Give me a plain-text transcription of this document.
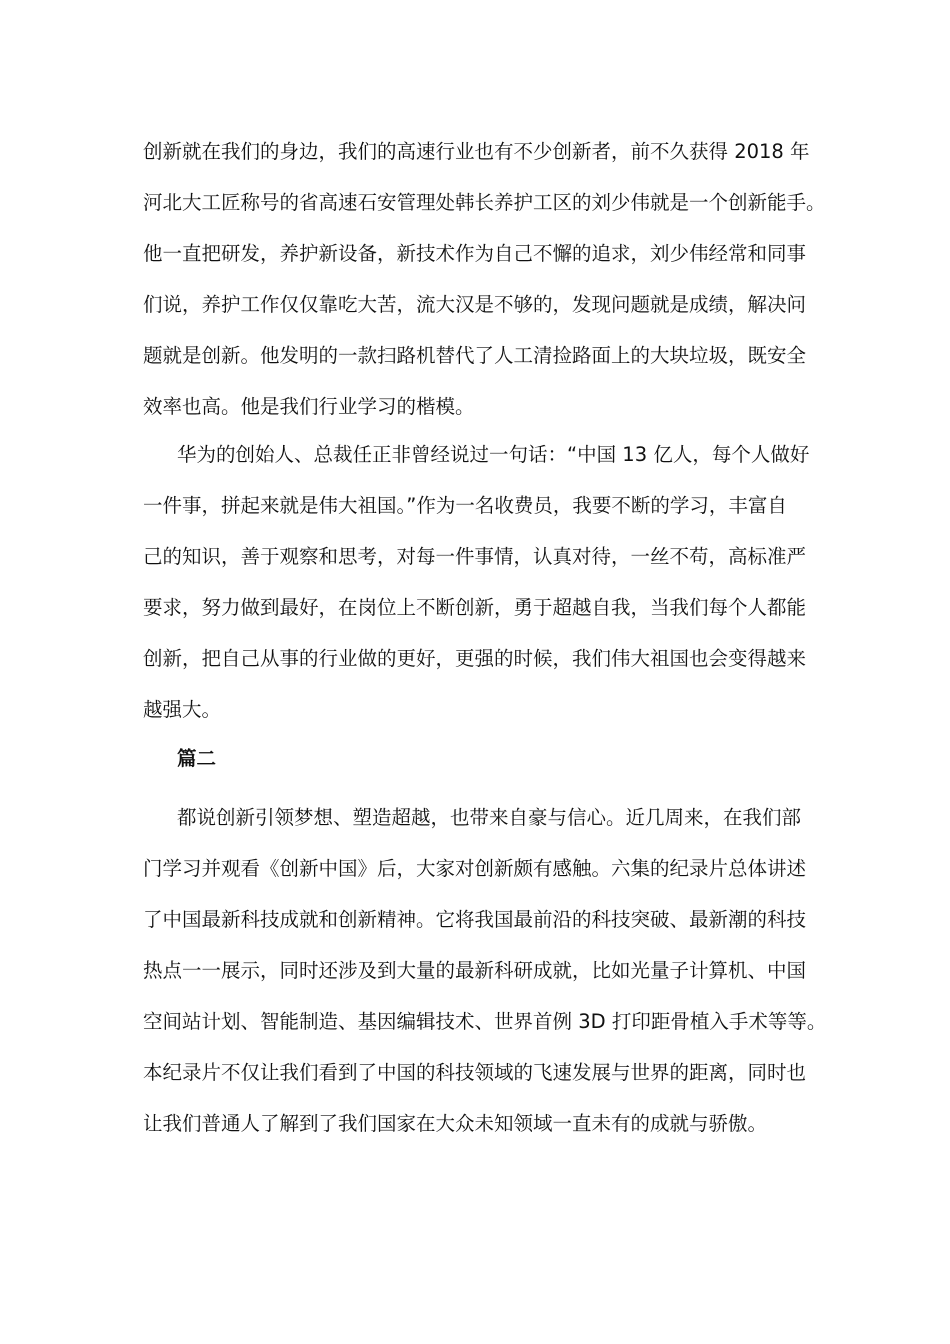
创新就在我们的身边，我们的高速行业也有不少创新者，前不久获得 2018 年
河北大工匠称号的省高速石安管理处韩长养护工区的刘少伟就是一个创新能手。
他一直把研发，养护新设备，新技术作为自己不懈的追求，刘少伟经常和同事
们说，养护工作仅仅靠吃大苦，流大汉是不够的，发现问题就是成绩，解决问
题就是创新。他发明的一款扫路机替代了人工清捡路面上的大块垃圾，既安全
效率也高。他是我们行业学习的楷模。
华为的创始人、总裁任正非曾经说过一句话：“中国 13 亿人，每个人做好
一件事，拼起来就是伟大祖国。”作为一名收费员，我要不断的学习，丰富自
己的知识，善于观察和思考，对每一件事情，认真对待，一丝不苟，高标准严
要求，努力做到最好，在岗位上不断创新，勇于超越自我，当我们每个人都能
创新，把自己从事的行业做的更好，更强的时候，我们伟大祖国也会变得越来
越强大。
篇二
都说创新引领梦想、塑造超越，也带来自豪与信心。近几周来，在我们部
门学习并观看《创新中国》后，大家对创新颇有感触。六集的纪录片总体讲述
了中国最新科技成就和创新精神。它将我国最前沿的科技突破、最新潮的科技
热点一一展示，同时还涉及到大量的最新科研成就，比如光量子计算机、中国
空间站计划、智能制造、基因编辑技术、世界首例 3D 打印距骨植入手术等等。
本纪录片不仅让我们看到了中国的科技领域的飞速发展与世界的距离，同时也
让我们普通人了解到了我们国家在大众未知领域一直未有的成就与骄傲。
